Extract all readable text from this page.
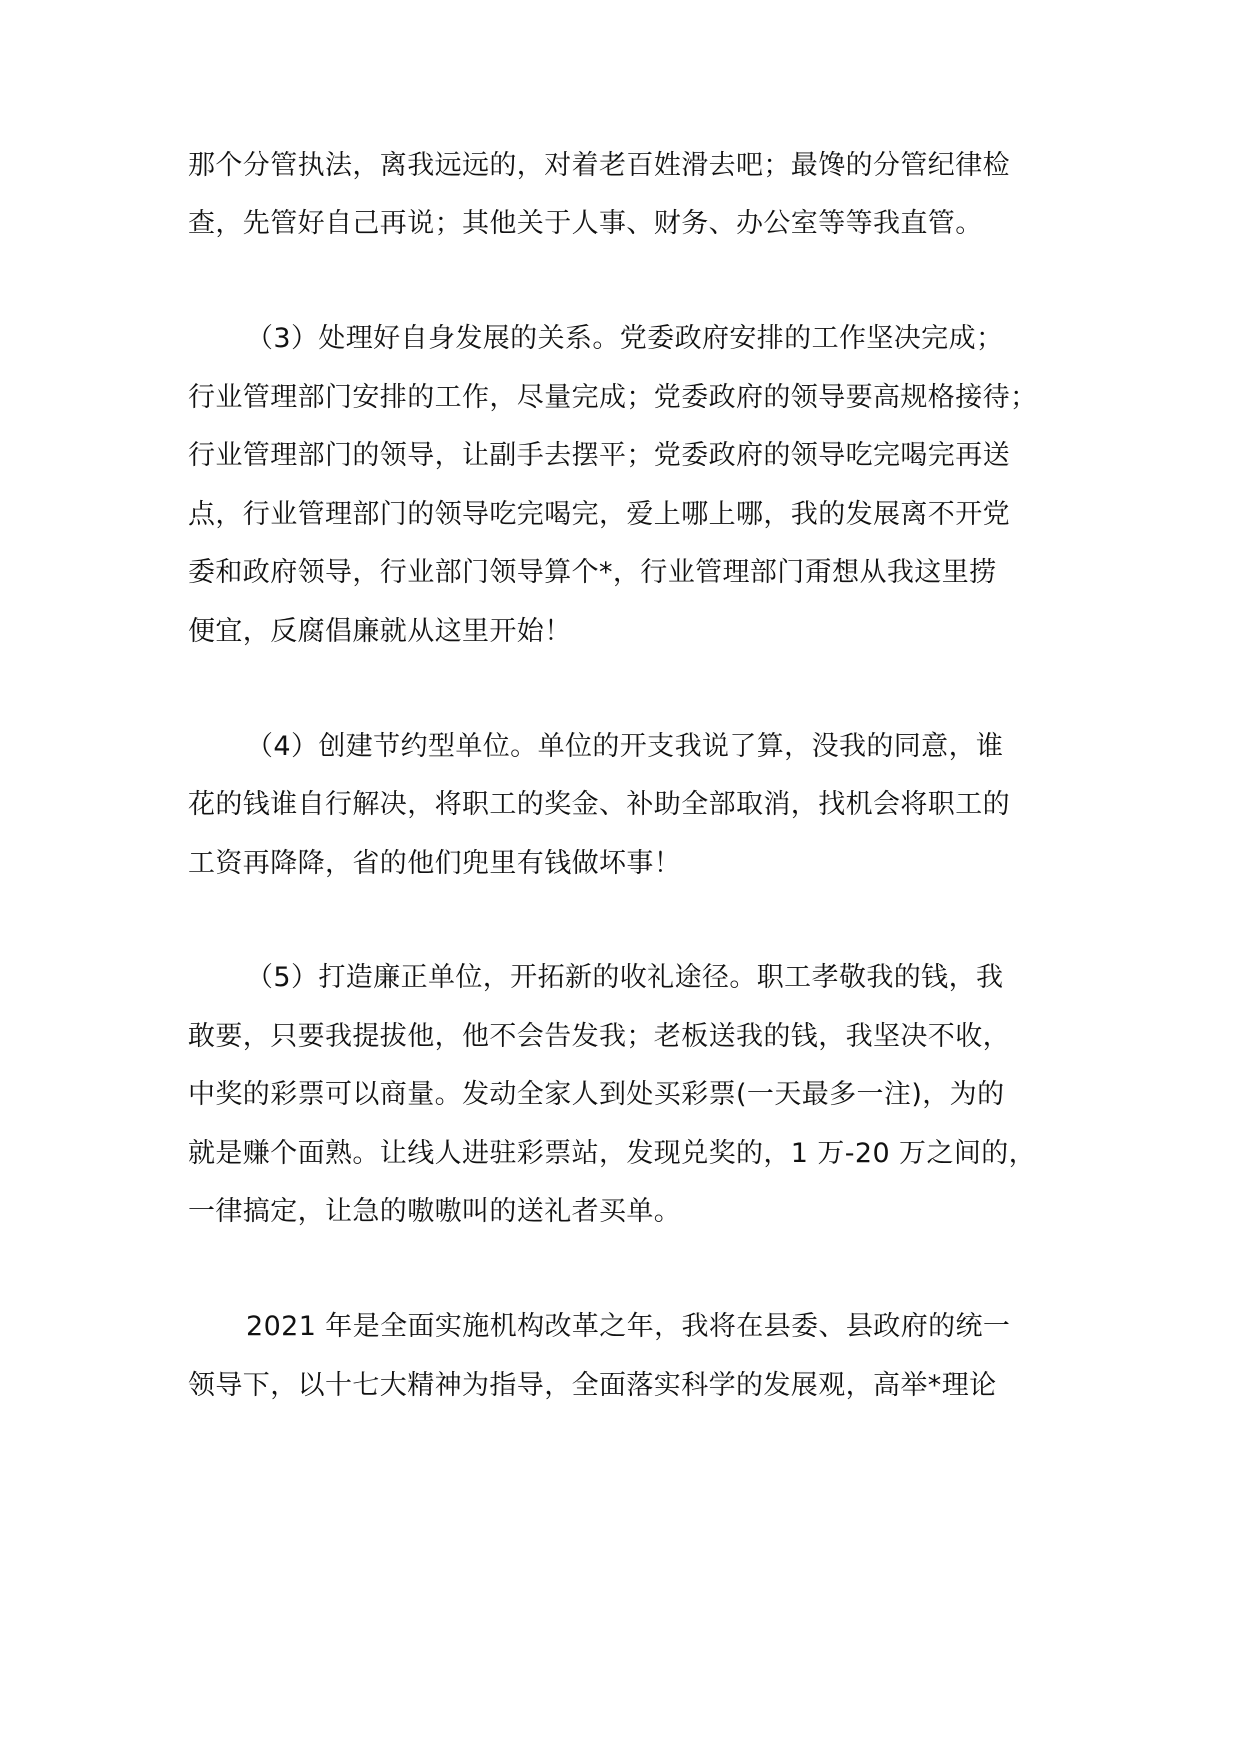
那个分管执法，离我远远的，对着老百姓滑去吧；最馋的分管纪律检
查，先管好自己再说；其他关于人事、财务、办公室等等我直管。
（3）处理好自身发展的关系。党委政府安排的工作坚决完成；
行业管理部门安排的工作，尽量完成；党委政府的领导要高规格接待；
行业管理部门的领导，让副手去摆平；党委政府的领导吃完喝完再送
点，行业管理部门的领导吃完喝完，爱上哪上哪，我的发展离不开党
委和政府领导，行业部门领导算个*，行业管理部门甭想从我这里捞
便宜，反腐倡廉就从这里开始！
（4）创建节约型单位。单位的开支我说了算，没我的同意，谁
花的钱谁自行解决，将职工的奖金、补助全部取消，找机会将职工的
工资再降降，省的他们兜里有钱做坏事！
（5）打造廉正单位，开拓新的收礼途径。职工孝敬我的钱，我
敢要，只要我提拔他，他不会告发我；老板送我的钱，我坚决不收，
中奖的彩票可以商量。发动全家人到处买彩票(一天最多一注)，为的
就是赚个面熟。让线人进驻彩票站，发现兑奖的，1 万-20 万之间的，
一律搞定，让急的嗷嗷叫的送礼者买单。
2021 年是全面实施机构改革之年，我将在县委、县政府的统一
领导下，以十七大精神为指导，全面落实科学的发展观，高举*理论
